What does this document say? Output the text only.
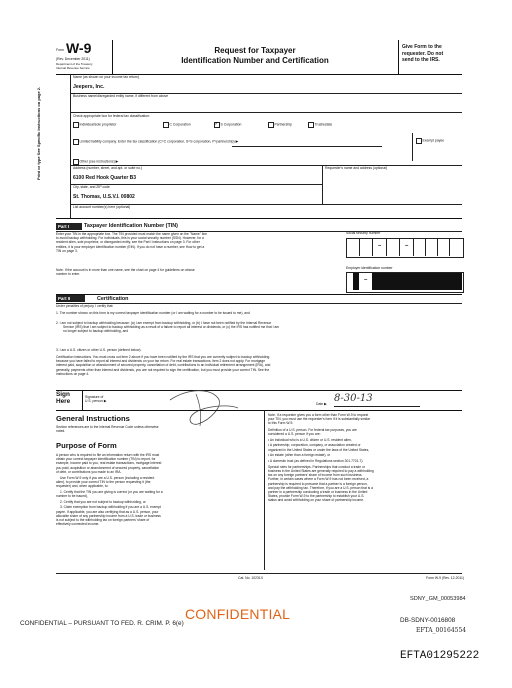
Form W-9
(Rev. December 2011)
Department of the Treasury
Internal Revenue Service
Request for Taxpayer
Identification Number and Certification
Give Form to the
requester. Do not
send to the IRS.
Print or type See Specific Instructions on page 2.
Name (as shown on your income tax return)
Jeepers, Inc.
Business name/disregarded entity name, if different from above
Check appropriate box for federal tax classification:
Individual/sole proprietor	C Corporation
✓	S Corporation	Partnership	Trust/estate
Limited liability company. Enter the tax classification (C=C corporation, S=S corporation, P=partnership) ▶	Exempt payee
Other (see instructions) ▶
Address (number, street, and apt. or suite no.)
6100 Red Hook Quarter B3
Requester's name and address (optional)
City, state, and ZIP code
St. Thomas, U.S.V.I. 00802
List account number(s) here (optional)
Part I	Taxpayer Identification Number (TIN)
Enter your TIN in the appropriate box. The TIN provided must match the name given on the "Name" line
to avoid backup withholding. For individuals, this is your social security number (SSN). However, for a
resident alien, sole proprietor, or disregarded entity, see the Part I instructions on page 3. For other
entities, it is your employer identification number (EIN). If you do not have a number, see How to get a
TIN on page 3.
Note. If the account is in more than one name, see the chart on page 4 for guidelines on whose
number to enter.
Social security number
–	–
Employer identification number
–
Part II	Certification
Under penalties of perjury, I certify that:
1. The number shown on this form is my correct taxpayer identification number (or I am waiting for a number to be issued to me), and
2. I am not subject to backup withholding because: (a) I am exempt from backup withholding, or (b) I have not been notified by the Internal Revenue
Service (IRS) that I am subject to backup withholding as a result of a failure to report all interest or dividends, or (c) the IRS has notified me that I am
no longer subject to backup withholding, and
3. I am a U.S. citizen or other U.S. person (defined below).
Certification instructions. You must cross out item 2 above if you have been notified by the IRS that you are currently subject to backup withholding
because you have failed to report all interest and dividends on your tax return. For real estate transactions, item 2 does not apply. For mortgage
interest paid, acquisition or abandonment of secured property, cancellation of debt, contributions to an individual retirement arrangement (IRA), and
generally, payments other than interest and dividends, you are not required to sign the certification, but you must provide your correct TIN. See the
instructions on page 4.
Sign
Here
Signature of
U.S. person ▶
Date ▶ 8-30-13
General Instructions
Section references are to the Internal Revenue Code unless otherwise
noted.
Purpose of Form
A person who is required to file an information return with the IRS must
obtain your correct taxpayer identification number (TIN) to report, for
example, income paid to you, real estate transactions, mortgage interest
you paid, acquisition or abandonment of secured property, cancellation
of debt, or contributions you made to an IRA.
Use Form W-9 only if you are a U.S. person (including a resident
alien), to provide your correct TIN to the person requesting it (the
requester) and, when applicable, to:
1. Certify that the TIN you are giving is correct (or you are waiting for a
number to be issued),
2. Certify that you are not subject to backup withholding, or
3. Claim exemption from backup withholding if you are a U.S. exempt
payee. If applicable, you are also certifying that as a U.S. person, your
allocable share of any partnership income from a U.S. trade or business
is not subject to the withholding tax on foreign partners' share of
effectively connected income.
Note. If a requester gives you a form other than Form W-9 to request
your TIN, you must use the requester's form if it is substantially similar
to this Form W-9.
Definition of a U.S. person. For federal tax purposes, you are
considered a U.S. person if you are:
• An individual who is a U.S. citizen or U.S. resident alien,
• A partnership, corporation, company, or association created or
organized in the United States or under the laws of the United States,
• An estate (other than a foreign estate), or
• A domestic trust (as defined in Regulations section 301.7701-7).
Special rules for partnerships. Partnerships that conduct a trade or
business in the United States are generally required to pay a withholding
tax on any foreign partners' share of income from such business.
Further, in certain cases where a Form W-9 has not been received, a
partnership is required to presume that a partner is a foreign person,
and pay the withholding tax. Therefore, if you are a U.S. person that is a
partner in a partnership conducting a trade or business in the United
States, provide Form W-9 to the partnership to establish your U.S.
status and avoid withholding on your share of partnership income.
Cat. No. 10231X	Form W-9 (Rev. 12-2011)
SDNY_GM_00053984
CONFIDENTIAL – PURSUANT TO FED. R. CRIM. P. 6(e)
CONFIDENTIAL	DB-SDNY-0016808
EFTA_00164554
EFTA01295222
